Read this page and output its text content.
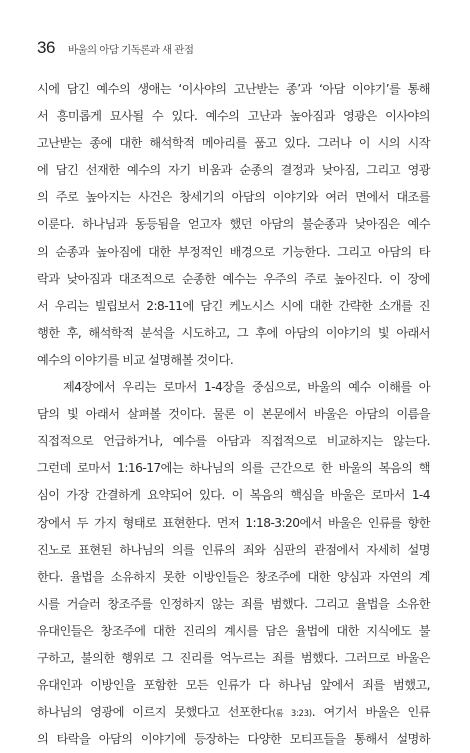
36 바울의 아담 기독론과 새 관점
시에 담긴 예수의 생애는 ‘이사야의 고난받는 종’과 ‘아담 이야기’를 통해
서 흥미롭게 묘사될 수 있다. 예수의 고난과 높아짐과 영광은 이사야의
고난받는 종에 대한 해석학적 메아리를 품고 있다. 그러나 이 시의 시작
에 담긴 선재한 예수의 자기 비움과 순종의 결정과 낮아짐, 그리고 영광
의 주로 높아지는 사건은 창세기의 아담의 이야기와 여러 면에서 대조를
이룬다. 하나님과 동등됨을 얻고자 했던 아담의 불순종과 낮아짐은 예수
의 순종과 높아짐에 대한 부정적인 배경으로 기능한다. 그리고 아담의 타
락과 낮아짐과 대조적으로 순종한 예수는 우주의 주로 높아진다. 이 장에
서 우리는 빌립보서 2:8-11에 담긴 케노시스 시에 대한 간략한 소개를 진
행한 후, 해석학적 분석을 시도하고, 그 후에 아담의 이야기의 빛 아래서
예수의 이야기를 비교 설명해볼 것이다.
제4장에서 우리는 로마서 1-4장을 중심으로, 바울의 예수 이해를 아
담의 빛 아래서 살펴볼 것이다. 물론 이 본문에서 바울은 아담의 이름을
직접적으로 언급하거나, 예수를 아담과 직접적으로 비교하지는 않는다.
그런데 로마서 1:16-17에는 하나님의 의를 근간으로 한 바울의 복음의 핵
심이 가장 간결하게 요약되어 있다. 이 복음의 핵심을 바울은 로마서 1-4
장에서 두 가지 형태로 표현한다. 먼저 1:18-3:20에서 바울은 인류를 향한
진노로 표현된 하나님의 의를 인류의 죄와 심판의 관점에서 자세히 설명
한다. 율법을 소유하지 못한 이방인들은 창조주에 대한 양심과 자연의 계
시를 거슬러 창조주를 인정하지 않는 죄를 범했다. 그리고 율법을 소유한
유대인들은 창조주에 대한 진리의 계시를 담은 율법에 대한 지식에도 불
구하고, 불의한 행위로 그 진리를 억누르는 죄를 범했다. 그러므로 바울은
유대인과 이방인을 포함한 모든 인류가 다 하나님 앞에서 죄를 범했고,
하나님의 영광에 이르지 못했다고 선포한다(롬 3:23). 여기서 바울은 인류
의 타락을 아담의 이야기에 등장하는 다양한 모티프들을 통해서 설명하
